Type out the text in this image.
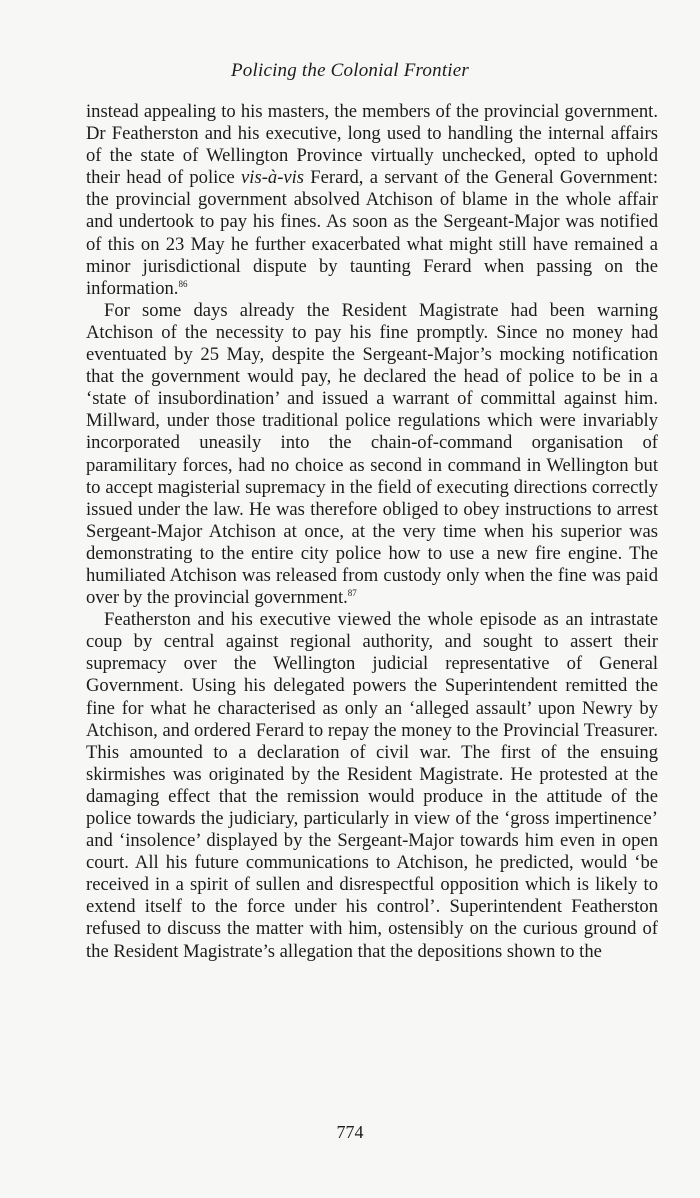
Policing the Colonial Frontier

instead appealing to his masters, the members of the provincial government. Dr Featherston and his executive, long used to handling the internal affairs of the state of Wellington Province virtually unchecked, opted to uphold their head of police vis-à-vis Ferard, a servant of the General Government: the provincial government absolved Atchison of blame in the whole affair and undertook to pay his fines. As soon as the Sergeant-Major was notified of this on 23 May he further exacerbated what might still have remained a minor jurisdictional dispute by taunting Ferard when passing on the information.$^{86}$

For some days already the Resident Magistrate had been warning Atchison of the necessity to pay his fine promptly. Since no money had eventuated by 25 May, despite the Sergeant-Major’s mocking notification that the government would pay, he declared the head of police to be in a ‘state of insubordination’ and issued a warrant of committal against him. Millward, under those traditional police regulations which were invariably incorporated uneasily into the chain-of-command organisation of paramilitary forces, had no choice as second in command in Wellington but to accept magisterial supremacy in the field of executing directions correctly issued under the law. He was therefore obliged to obey instructions to arrest Sergeant-Major Atchison at once, at the very time when his superior was demonstrating to the entire city police how to use a new fire engine. The humiliated Atchison was released from custody only when the fine was paid over by the provincial government.$^{87}$

Featherston and his executive viewed the whole episode as an intrastate coup by central against regional authority, and sought to assert their supremacy over the Wellington judicial representative of General Government. Using his delegated powers the Superintendent remitted the fine for what he characterised as only an ‘alleged assault’ upon Newry by Atchison, and ordered Ferard to repay the money to the Provincial Treasurer. This amounted to a declaration of civil war. The first of the ensuing skirmishes was originated by the Resident Magistrate. He protested at the damaging effect that the remission would produce in the attitude of the police towards the judiciary, particularly in view of the ‘gross impertinence’ and ‘insolence’ displayed by the Sergeant-Major towards him even in open court. All his future communications to Atchison, he predicted, would ‘be received in a spirit of sullen and disrespectful opposition which is likely to extend itself to the force under his control’. Superintendent Featherston refused to discuss the matter with him, ostensibly on the curious ground of the Resident Magistrate’s allegation that the depositions shown to the

774
